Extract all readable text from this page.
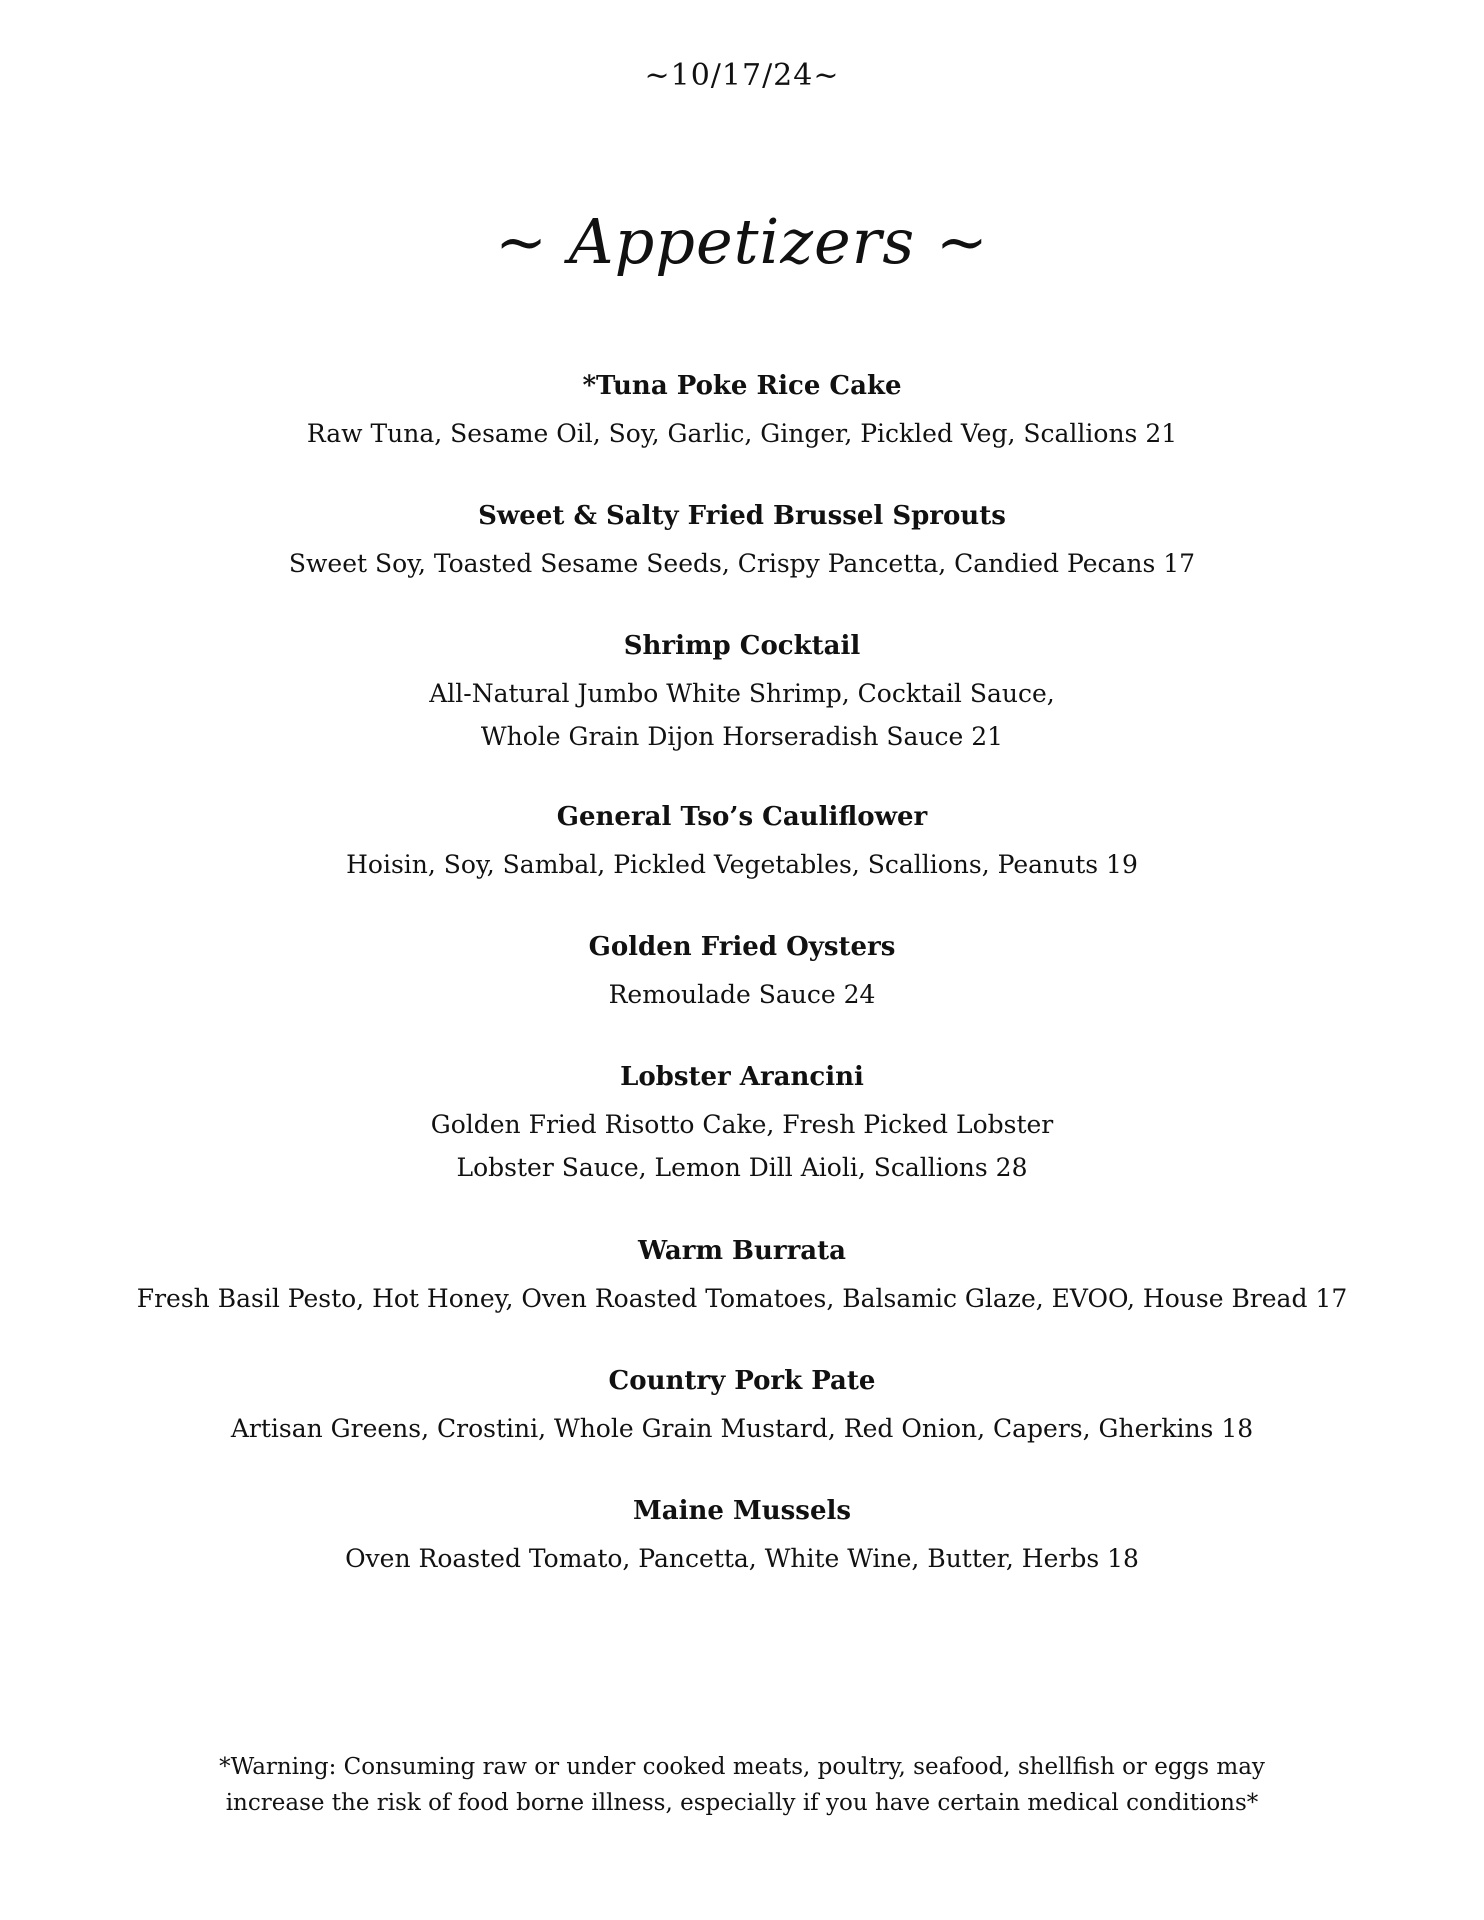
~10/17/24~
~ Appetizers ~
*Tuna Poke Rice Cake
Raw Tuna, Sesame Oil, Soy, Garlic, Ginger, Pickled Veg, Scallions 21
Sweet & Salty Fried Brussel Sprouts
Sweet Soy, Toasted Sesame Seeds, Crispy Pancetta, Candied Pecans 17
Shrimp Cocktail
All-Natural Jumbo White Shrimp, Cocktail Sauce,
Whole Grain Dijon Horseradish Sauce 21
General Tso’s Cauliflower
Hoisin, Soy, Sambal, Pickled Vegetables, Scallions, Peanuts 19
Golden Fried Oysters
Remoulade Sauce 24
Lobster Arancini
Golden Fried Risotto Cake, Fresh Picked Lobster
Lobster Sauce, Lemon Dill Aioli, Scallions 28
Warm Burrata
Fresh Basil Pesto, Hot Honey, Oven Roasted Tomatoes, Balsamic Glaze, EVOO, House Bread 17
Country Pork Pate
Artisan Greens, Crostini, Whole Grain Mustard, Red Onion, Capers, Gherkins 18
Maine Mussels
Oven Roasted Tomato, Pancetta, White Wine, Butter, Herbs 18
*Warning: Consuming raw or under cooked meats, poultry, seafood, shellfish or eggs may
increase the risk of food borne illness, especially if you have certain medical conditions*
